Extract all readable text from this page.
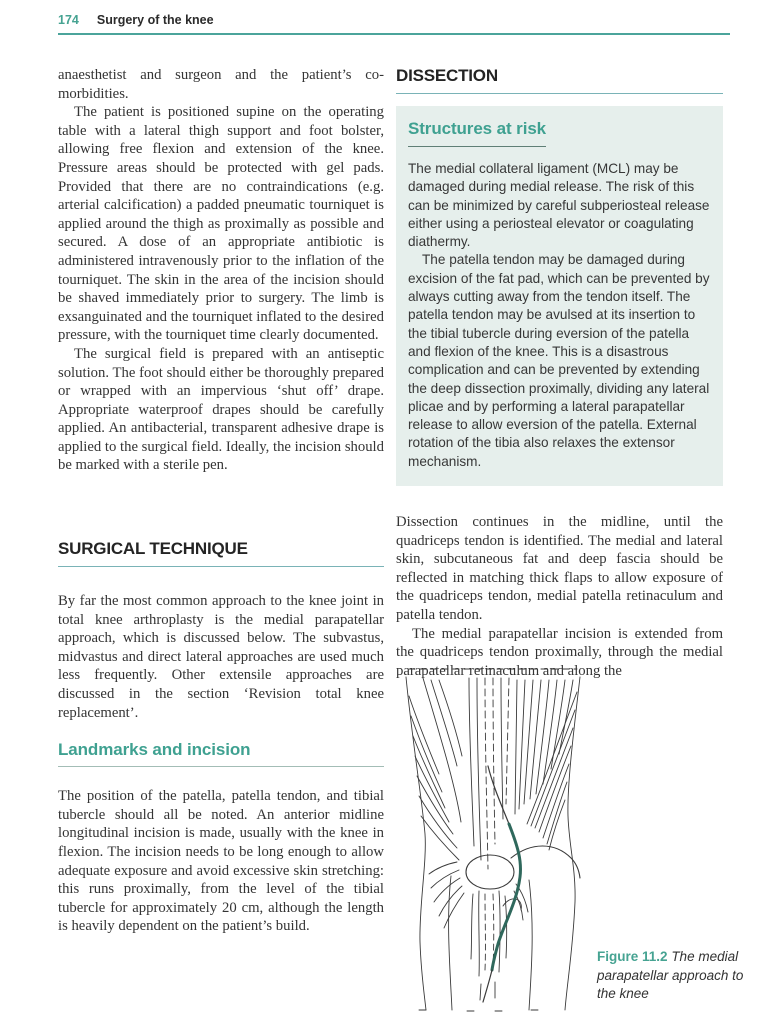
174 Surgery of the knee

anaesthetist and surgeon and the patient’s co-morbidities.

The patient is positioned supine on the operating table with a lateral thigh support and foot bolster, allowing free flexion and extension of the knee. Pressure areas should be protected with gel pads. Provided that there are no contraindications (e.g. arterial calcification) a padded pneumatic tourniquet is applied around the thigh as proximally as possible and secured. A dose of an appropriate antibiotic is administered intravenously prior to the inflation of the tourniquet. The skin in the area of the incision should be shaved immediately prior to surgery. The limb is exsanguinated and the tourniquet inflated to the desired pressure, with the tourniquet time clearly documented.

The surgical field is prepared with an antiseptic solution. The foot should either be thoroughly prepared or wrapped with an impervious ‘shut off’ drape. Appropriate waterproof drapes should be carefully applied. An antibacterial, transparent adhesive drape is applied to the surgical field. Ideally, the incision should be marked with a sterile pen.

SURGICAL TECHNIQUE

By far the most common approach to the knee joint in total knee arthroplasty is the medial parapatellar approach, which is discussed below. The subvastus, midvastus and direct lateral approaches are used much less frequently. Other extensile approaches are discussed in the section ‘Revision total knee replacement’.

Landmarks and incision

The position of the patella, patella tendon, and tibial tubercle should all be noted. An anterior midline longitudinal incision is made, usually with the knee in flexion. The incision needs to be long enough to allow adequate exposure and avoid excessive skin stretching: this runs proximally, from the level of the tibial tubercle for approximately 20 cm, although the length is heavily dependent on the patient’s build.

DISSECTION
Structures at risk

The medial collateral ligament (MCL) may be damaged during medial release. The risk of this can be minimized by careful subperiosteal release either using a periosteal elevator or coagulating diathermy.

The patella tendon may be damaged during excision of the fat pad, which can be prevented by always cutting away from the tendon itself. The patella tendon may be avulsed at its insertion to the tibial tubercle during eversion of the patella and flexion of the knee. This is a disastrous complication and can be prevented by extending the deep dissection proximally, dividing any lateral plicae and by performing a lateral parapatellar release to allow eversion of the patella. External rotation of the tibia also relaxes the extensor mechanism.

Dissection continues in the midline, until the quadriceps tendon is identified. The medial and lateral skin, subcutaneous fat and deep fascia should be reflected in matching thick flaps to allow exposure of the quadriceps tendon, medial patella retinaculum and patella tendon.

The medial parapatellar incision is extended from the quadriceps tendon proximally, through the medial parapatellar retinaculum and along the

Figure 11.2 The medial parapatellar approach to the knee
